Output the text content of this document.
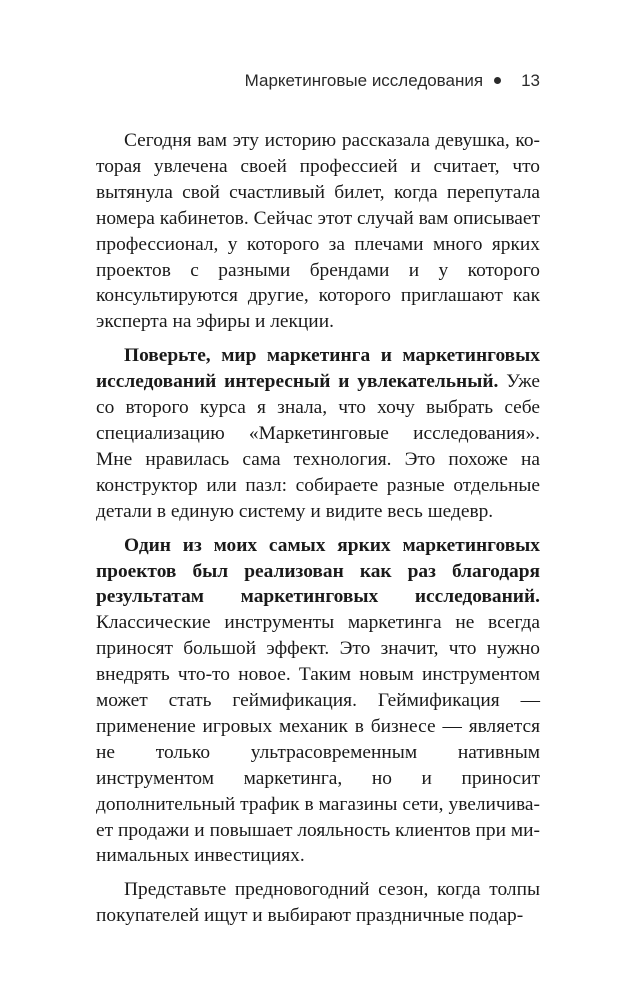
Маркетинговые исследования 13

Сегодня вам эту историю рассказала девушка, которая увлечена своей профессией и считает, что вытянула свой счастливый билет, когда перепутала номера кабинетов. Сейчас этот случай вам описывает профессионал, у которого за плечами много ярких проектов с разными брендами и у которого консультируются другие, которого приглашают как эксперта на эфиры и лекции.

Поверьте, мир маркетинга и маркетинговых исследований интересный и увлекательный. Уже со второго курса я знала, что хочу выбрать себе специализацию «Маркетинговые исследования». Мне нравилась сама технология. Это похоже на конструктор или пазл: собираете разные отдельные детали в единую систему и видите весь шедевр.

Один из моих самых ярких маркетинговых проектов был реализован как раз благодаря результатам маркетинговых исследований. Классические инструменты маркетинга не всегда приносят большой эффект. Это значит, что нужно внедрять что-то новое. Таким новым инструментом может стать геймификация. Геймификация — применение игровых механик в бизнесе — является не только ультрасовременным нативным инструментом маркетинга, но и приносит дополнительный трафик в магазины сети, увеличивает продажи и повышает лояльность клиентов при минимальных инвестициях.

Представьте предновогодний сезон, когда толпы покупателей ищут и выбирают праздничные подар-
